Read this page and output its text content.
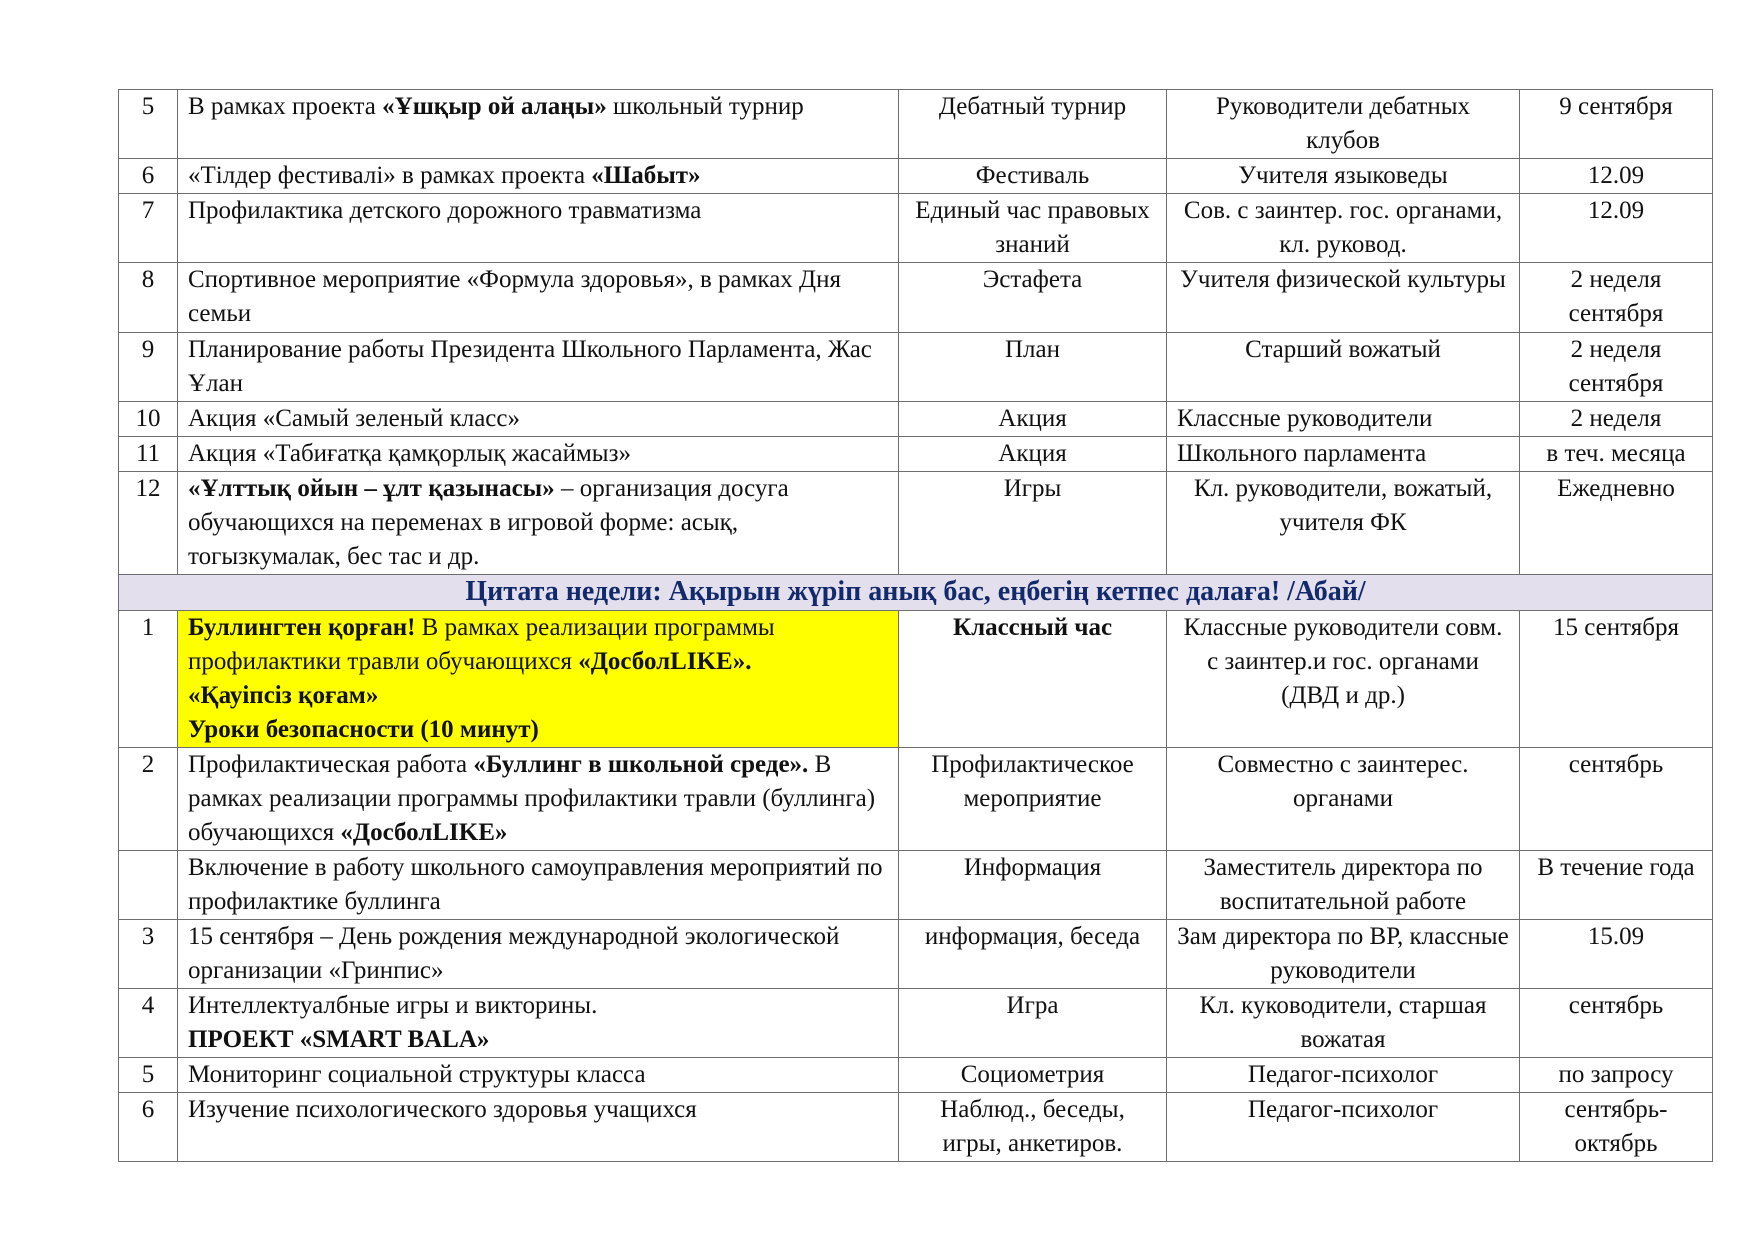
5	В рамках проекта «Ұшқыр ой алаңы» школьный турнир	Дебатный турнир	Руководители дебатных клубов	9 сентября
6	«Тілдер фестивалі» в рамках проекта «Шабыт»	Фестиваль	Учителя языковеды	12.09
7	Профилактика детского дорожного травматизма	Единый час правовых знаний	Сов. с заинтер. гос. органами, кл. руковод.	12.09
8	Спортивное мероприятие «Формула здоровья», в рамках Дня семьи	Эстафета	Учителя физической культуры	2 неделя сентября
9	Планирование работы Президента Школьного Парламента, Жас Ұлан	План	Старший вожатый	2 неделя сентября
10	Акция «Самый зеленый класс»	Акция	Классные руководители	2 неделя
11	Акция «Табиғатқа қамқорлық жасаймыз»	Акция	Школьного парламента	в теч. месяца
12	«Ұлттық ойын – ұлт қазынасы» – организация досуга обучающихся на переменах в игровой форме: асық, тогызкумалак, бес тас и др.	Игры	Кл. руководители, вожатый, учителя ФК	Ежедневно
Цитата недели: Ақырын жүріп анық бас, еңбегің кетпес далаға! /Абай/				
1	Буллингтен қорған! В рамках реализации программы профилактики травли обучающихся «ДосболLIKE».
«Қауіпсіз қоғам»
Уроки безопасности (10 минут)	Классный час	Классные руководители совм. с заинтер.и гос. органами (ДВД и др.)	15 сентября
2	Профилактическая работа «Буллинг в школьной среде». В рамках реализации программы профилактики травли (буллинга) обучающихся «ДосболLIKE»	Профилактическое мероприятие	Совместно с заинтерес. органами	сентябрь

	Включение в работу школьного самоуправления мероприятий по профилактике буллинга	Информация	Заместитель директора по воспитательной работе	В течение года
3	15 сентября – День рождения международной экологической организации «Гринпис»	информация, беседа	Зам директора по ВР, классные руководители	15.09
4	Интеллектуалбные игры и викторины.
ПРОЕКТ «SMART BALA»	Игра	Кл. куководители, старшая вожатая	сентябрь
5	Мониторинг социальной структуры класса	Социометрия	Педагог-психолог	по запросу
6	Изучение психологического здоровья учащихся	Наблюд., беседы, игры, анкетиров.	Педагог-психолог	сентябрь-октябрь
